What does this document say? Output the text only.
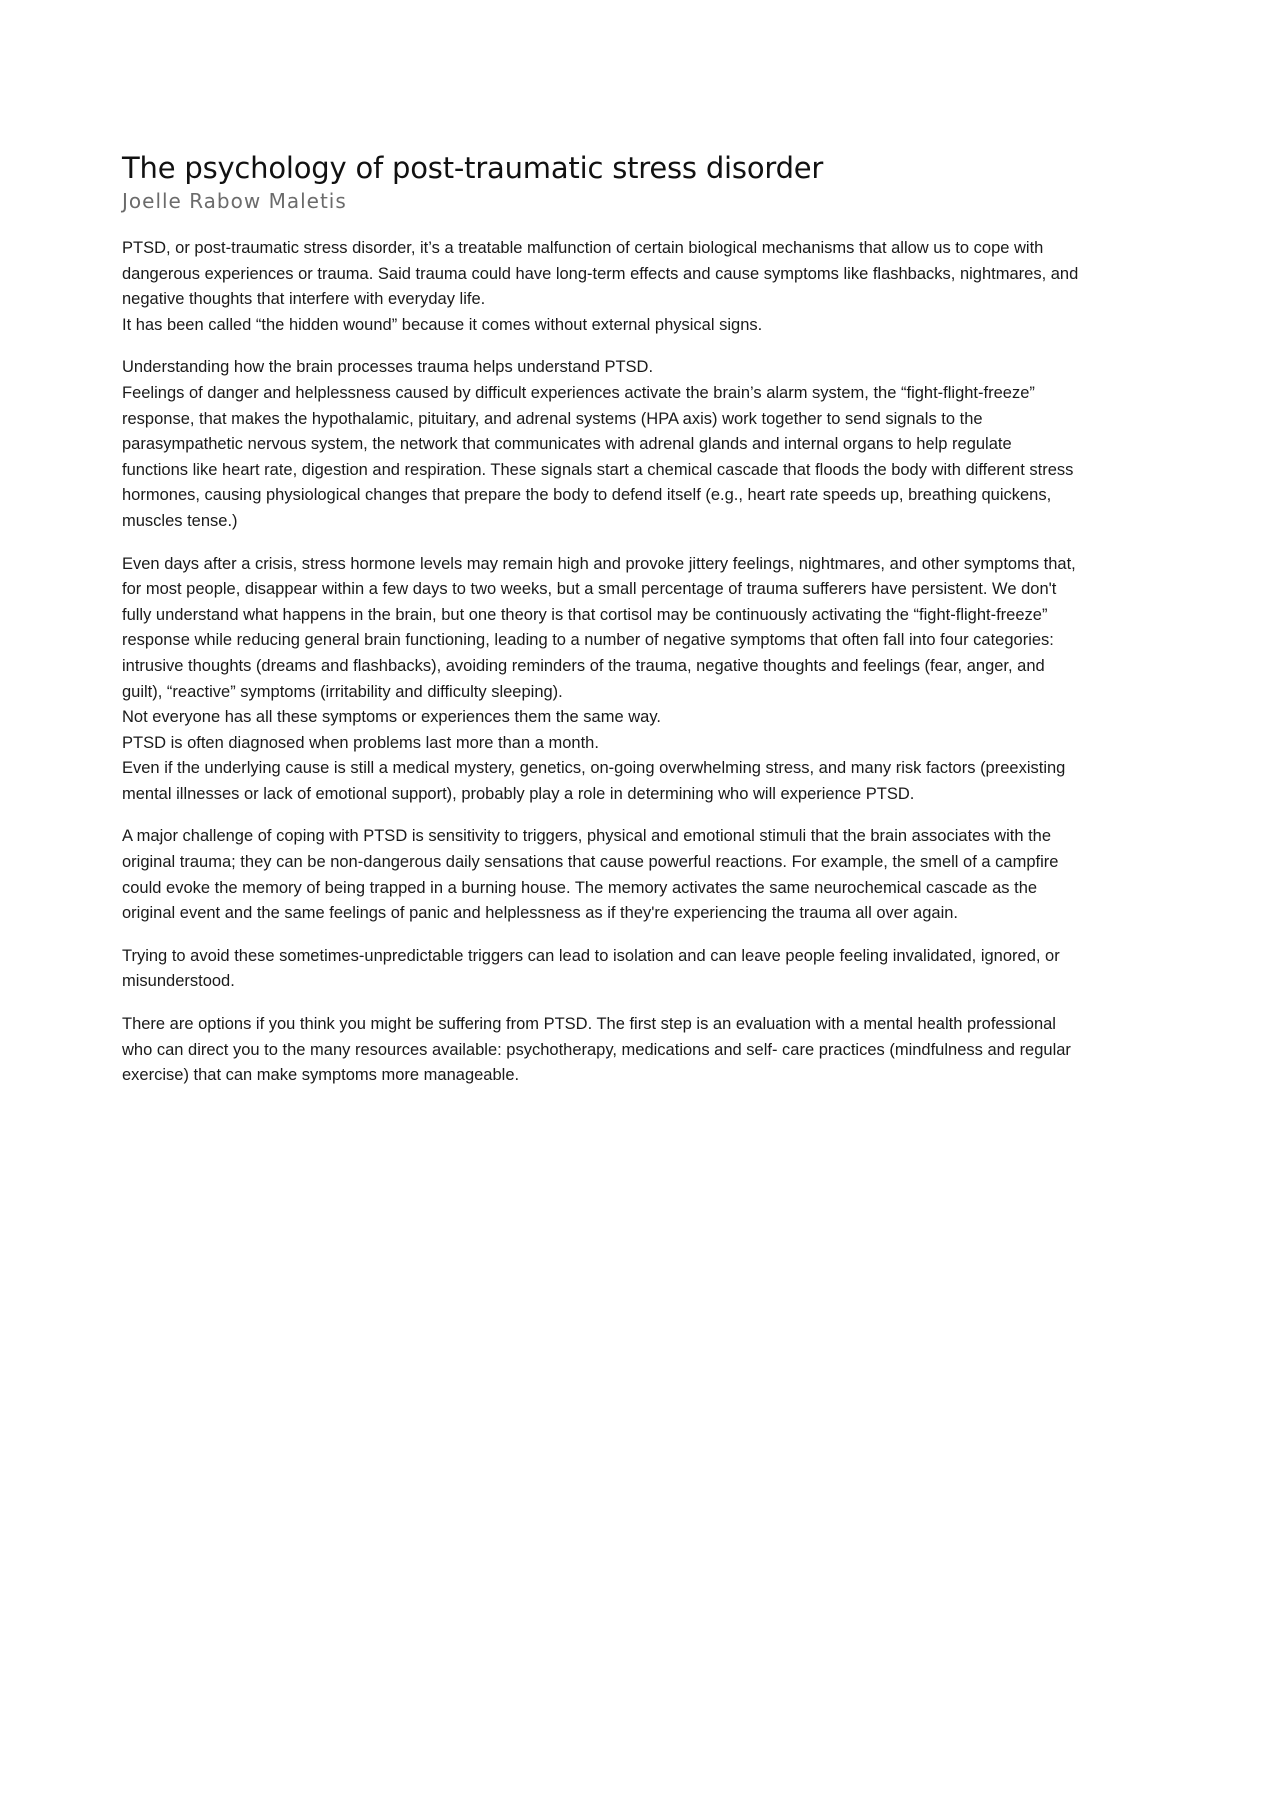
The psychology of post-traumatic stress disorder
Joelle Rabow Maletis

PTSD, or post-traumatic stress disorder, it’s a treatable malfunction of certain biological mechanisms that allow us to cope with

dangerous experiences or trauma. Said trauma could have long-term effects and cause symptoms like flashbacks, nightmares, and

negative thoughts that interfere with everyday life.

It has been called “the hidden wound” because it comes without external physical signs.

Understanding how the brain processes trauma helps understand PTSD.

Feelings of danger and helplessness caused by difficult experiences activate the brain’s alarm system, the “fight-flight-freeze”

response, that makes the hypothalamic, pituitary, and adrenal systems (HPA axis) work together to send signals to the

parasympathetic nervous system, the network that communicates with adrenal glands and internal organs to help regulate

functions like heart rate, digestion and respiration. These signals start a chemical cascade that floods the body with different stress

hormones, causing physiological changes that prepare the body to defend itself (e.g., heart rate speeds up, breathing quickens,

muscles tense.)

Even days after a crisis, stress hormone levels may remain high and provoke jittery feelings, nightmares, and other symptoms that,

for most people, disappear within a few days to two weeks, but a small percentage of trauma sufferers have persistent. We don't

fully understand what happens in the brain, but one theory is that cortisol may be continuously activating the “fight-flight-freeze”

response while reducing general brain functioning, leading to a number of negative symptoms that often fall into four categories:

intrusive thoughts (dreams and flashbacks), avoiding reminders of the trauma, negative thoughts and feelings (fear, anger, and

guilt), “reactive” symptoms (irritability and difficulty sleeping).

Not everyone has all these symptoms or experiences them the same way.

PTSD is often diagnosed when problems last more than a month.

Even if the underlying cause is still a medical mystery, genetics, on-going overwhelming stress, and many risk factors (preexisting

mental illnesses or lack of emotional support), probably play a role in determining who will experience PTSD.

A major challenge of coping with PTSD is sensitivity to triggers, physical and emotional stimuli that the brain associates with the

original trauma; they can be non-dangerous daily sensations that cause powerful reactions. For example, the smell of a campfire

could evoke the memory of being trapped in a burning house. The memory activates the same neurochemical cascade as the

original event and the same feelings of panic and helplessness as if they're experiencing the trauma all over again.

Trying to avoid these sometimes-unpredictable triggers can lead to isolation and can leave people feeling invalidated, ignored, or

misunderstood.

There are options if you think you might be suffering from PTSD. The first step is an evaluation with a mental health professional

who can direct you to the many resources available: psychotherapy, medications and self- care practices (mindfulness and regular

exercise) that can make symptoms more manageable.
